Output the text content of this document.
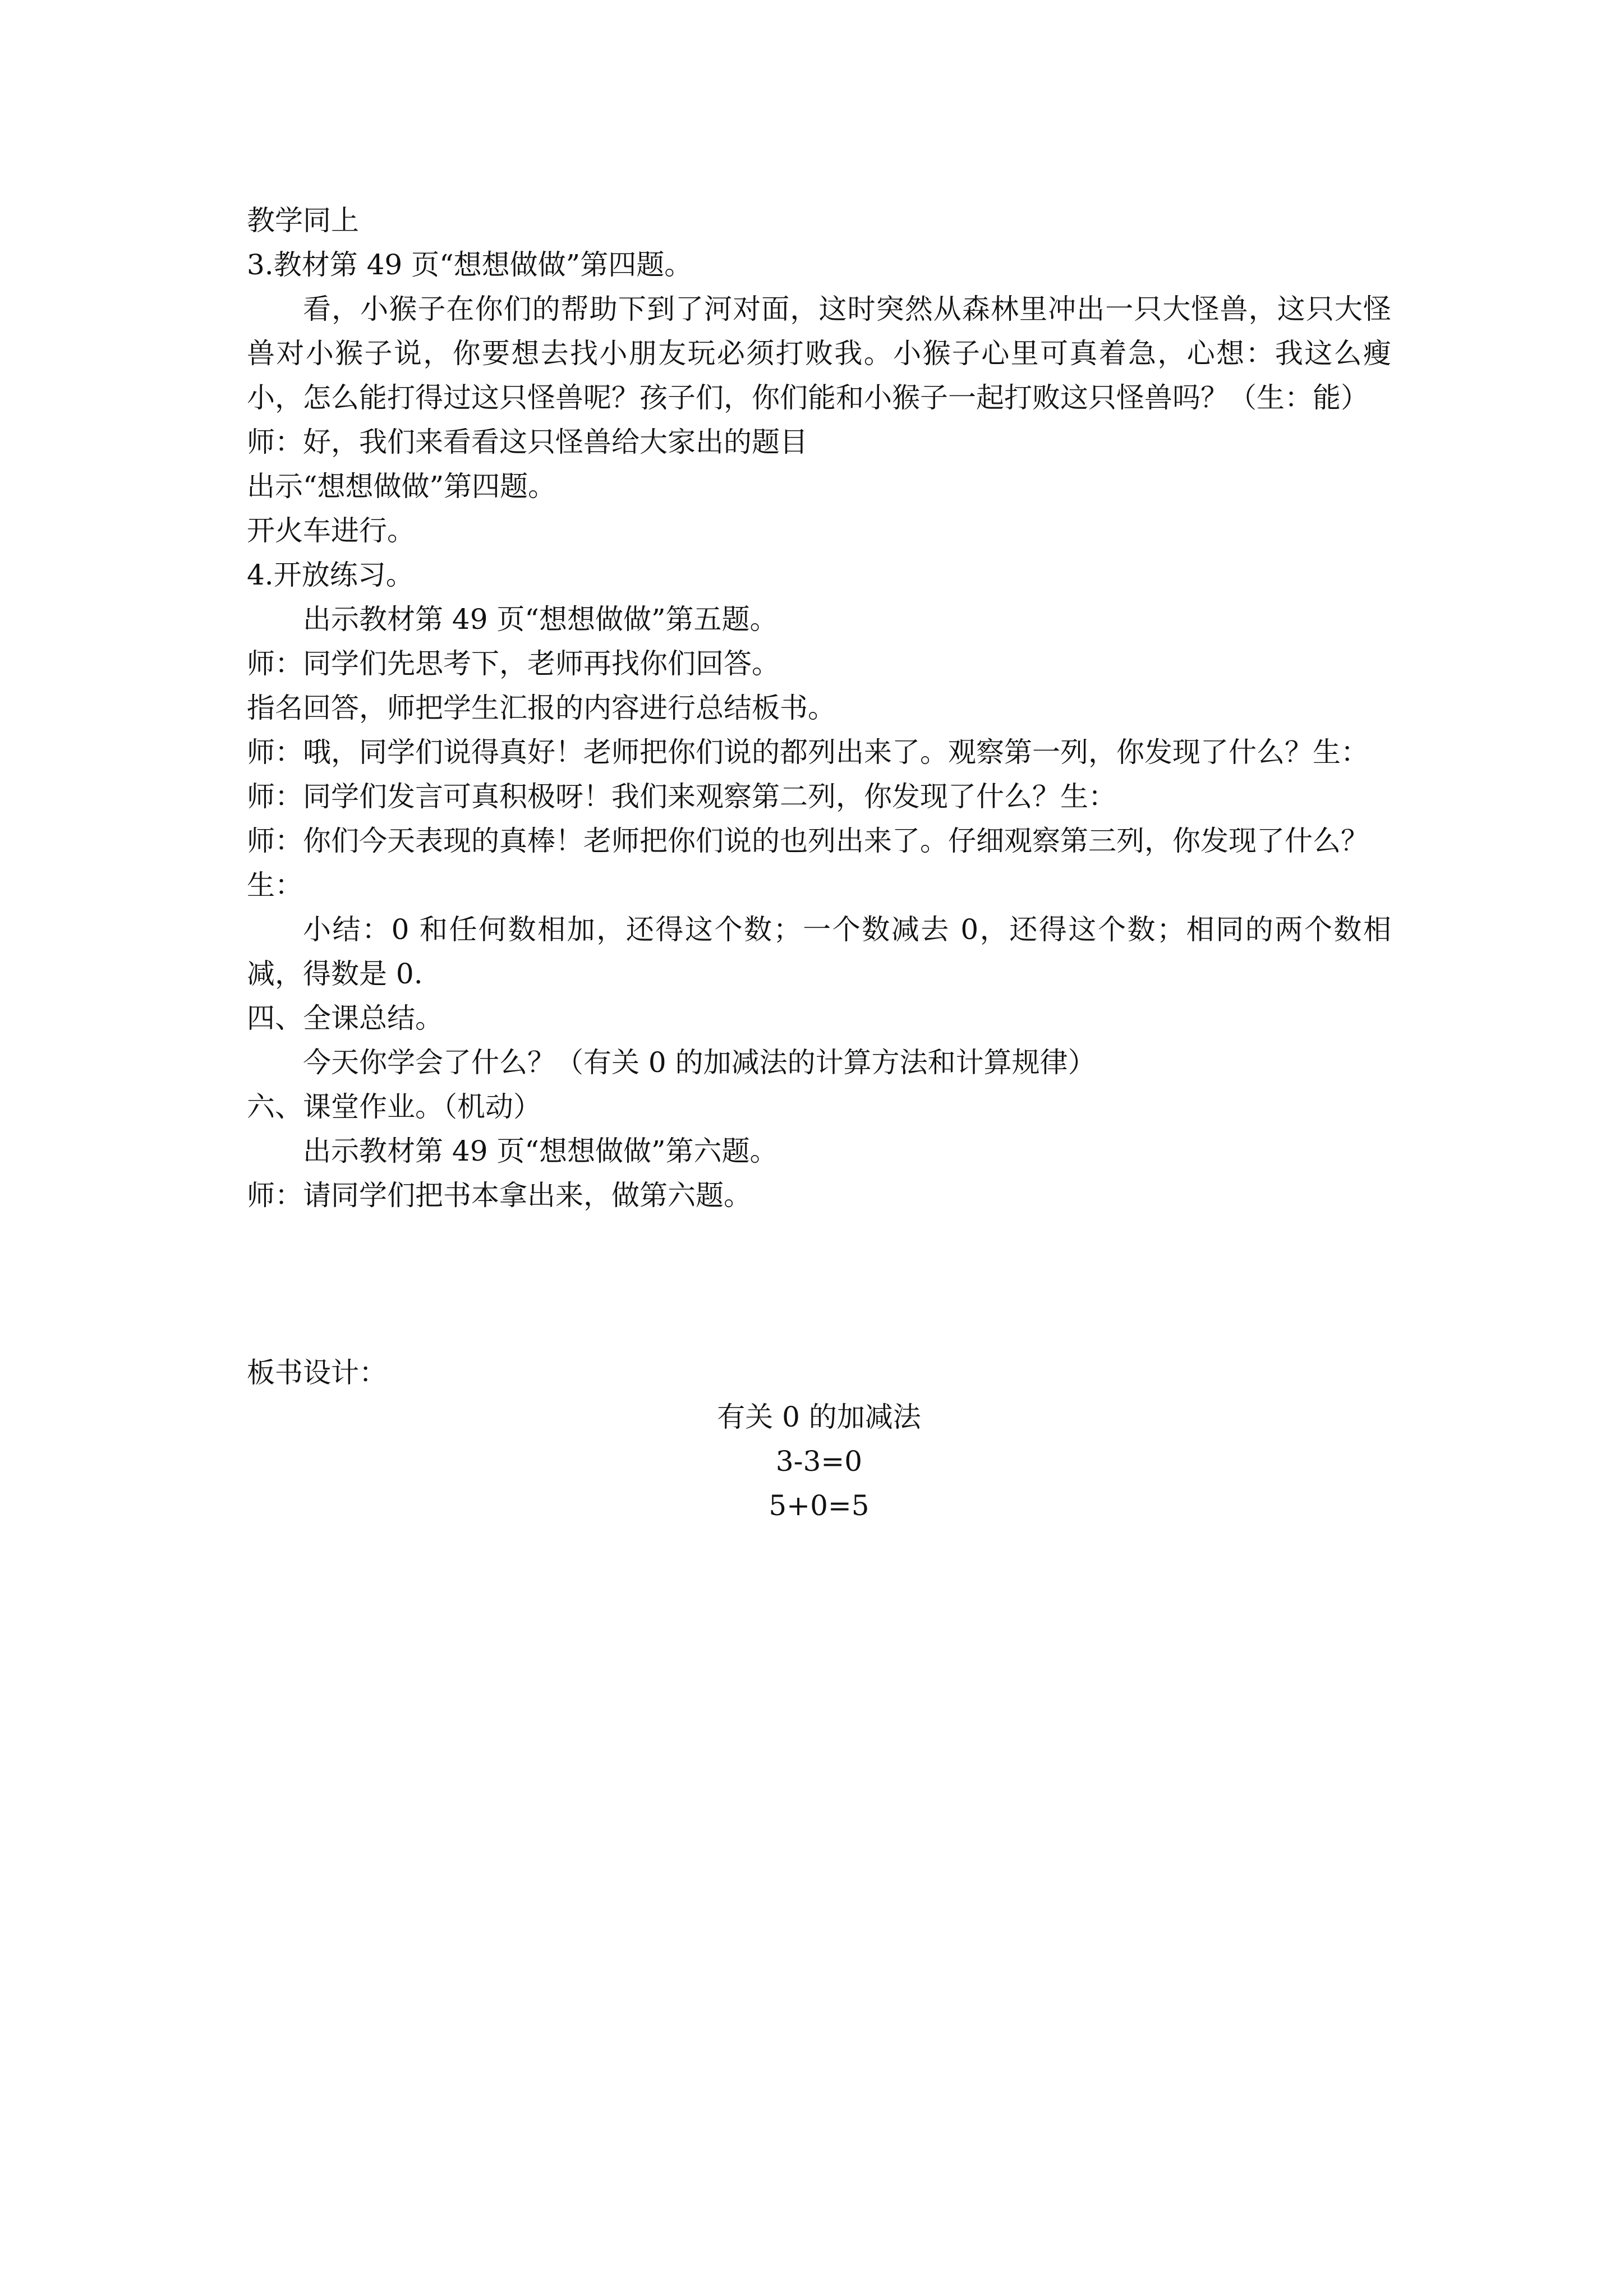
教学同上

3.教材第 49 页“想想做做”第四题。

看，小猴子在你们的帮助下到了河对面，这时突然从森林里冲出一只大怪兽，这只大怪兽对小猴子说，你要想去找小朋友玩必须打败我。小猴子心里可真着急，心想：我这么瘦小，怎么能打得过这只怪兽呢？孩子们，你们能和小猴子一起打败这只怪兽吗？（生：能）

师：好，我们来看看这只怪兽给大家出的题目

出示“想想做做”第四题。

开火车进行。

4.开放练习。

出示教材第 49 页“想想做做”第五题。

师：同学们先思考下，老师再找你们回答。

指名回答，师把学生汇报的内容进行总结板书。

师：哦，同学们说得真好！老师把你们说的都列出来了。观察第一列，你发现了什么？生：

师：同学们发言可真积极呀！我们来观察第二列，你发现了什么？生：

师：你们今天表现的真棒！老师把你们说的也列出来了。仔细观察第三列，你发现了什么？

生：

小结：0 和任何数相加，还得这个数；一个数减去 0，还得这个数；相同的两个数相减，得数是 0.

四、全课总结。

今天你学会了什么？（有关 0 的加减法的计算方法和计算规律）

六、课堂作业。（机动）

出示教材第 49 页“想想做做”第六题。

师：请同学们把书本拿出来，做第六题。

板书设计：

有关 0 的加减法

3-3=0

5+0=5
